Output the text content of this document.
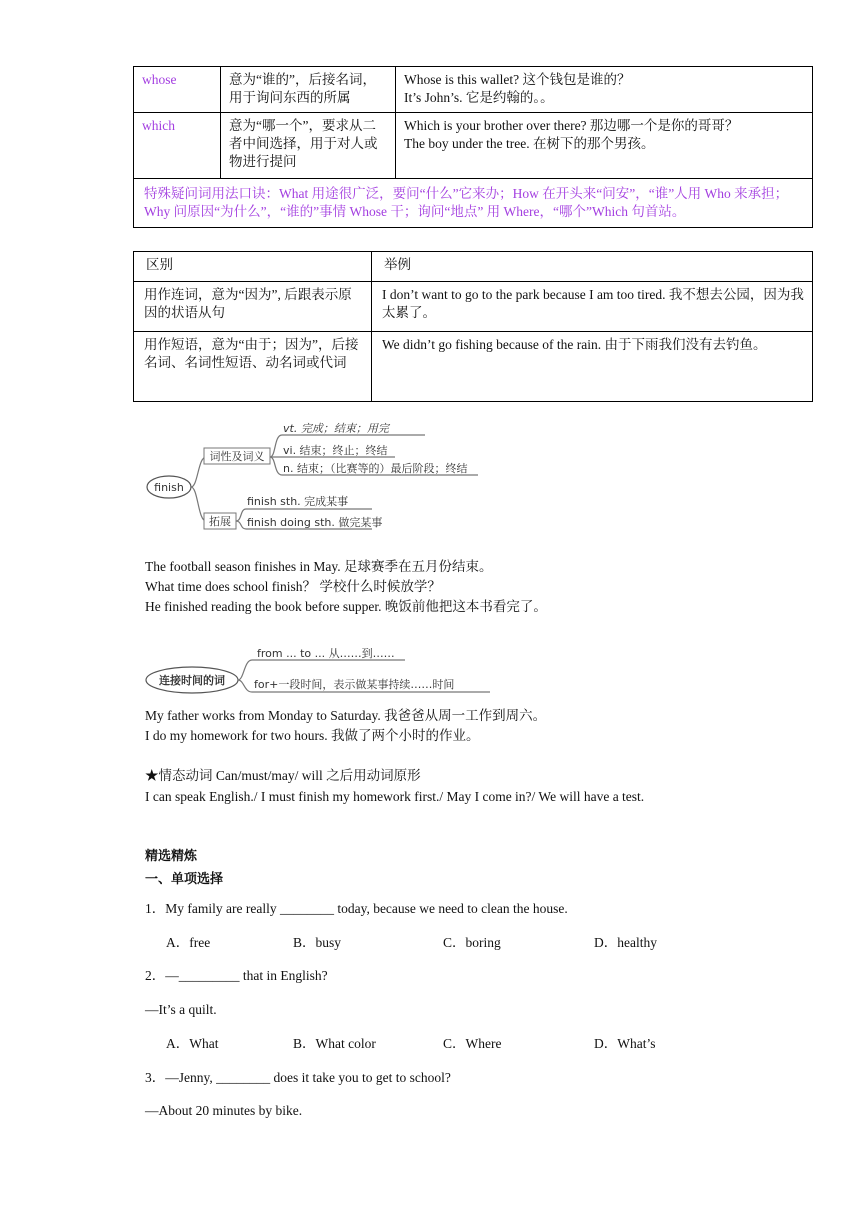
whose	意为“谁的”，后接名词，用于询问东西的所属	Whose is this wallet? 这个钱包是谁的？
It’s John’s. 它是约翰的。。
which	意为“哪一个”，要求从二者中间选择，用于对人或物进行提问	Which is your brother over there? 那边哪一个是你的哥哥？
The boy under the tree. 在树下的那个男孩。
特殊疑问词用法口诀：What 用途很广泛，要问“什么”它来办；How 在开头来“问安”，“谁”人用 Who 来承担；Why 问原因“为什么”，“谁的”事情 Whose 干；询问“地点” 用 Where，“哪个”Which 句首站。		
区别	举例
用作连词，意为“因为”, 后跟表示原因的状语从句	I don’t want to go to the park because I am too tired. 我不想去公园，因为我太累了。
用作短语，意为“由于；因为”，后接名词、名词性短语、动名词或代词	We didn’t go fishing because of the rain. 由于下雨我们没有去钓鱼。
finish
词性及词义
拓展
vt. 完成；结束；用完
vi. 结束；终止；终结
n. 结束；（比赛等的）最后阶段；终结
finish sth. 完成某事
finish doing sth. 做完某事
The football season finishes in May. 足球赛季在五月份结束。
What time does school finish？ 学校什么时候放学？
He finished reading the book before supper. 晚饭前他把这本书看完了。
连接时间的词
from ... to ... 从……到……
for+一段时间，表示做某事持续……时间
My father works from Monday to Saturday. 我爸爸从周一工作到周六。
I do my homework for two hours. 我做了两个小时的作业。
★情态动词 Can/must/may/ will 之后用动词原形
I can speak English./ I must finish my homework first./ May I come in?/ We will have a test.
精选精炼
一、单项选择
1．My family are really ________ today, because we need to clean the house.
A．free	B．busy	C．boring	D．healthy
2．—_________ that in English?
—It’s a quilt.
A．What	B．What color	C．Where	D．What’s
3．—Jenny, ________ does it take you to get to school?
—About 20 minutes by bike.
